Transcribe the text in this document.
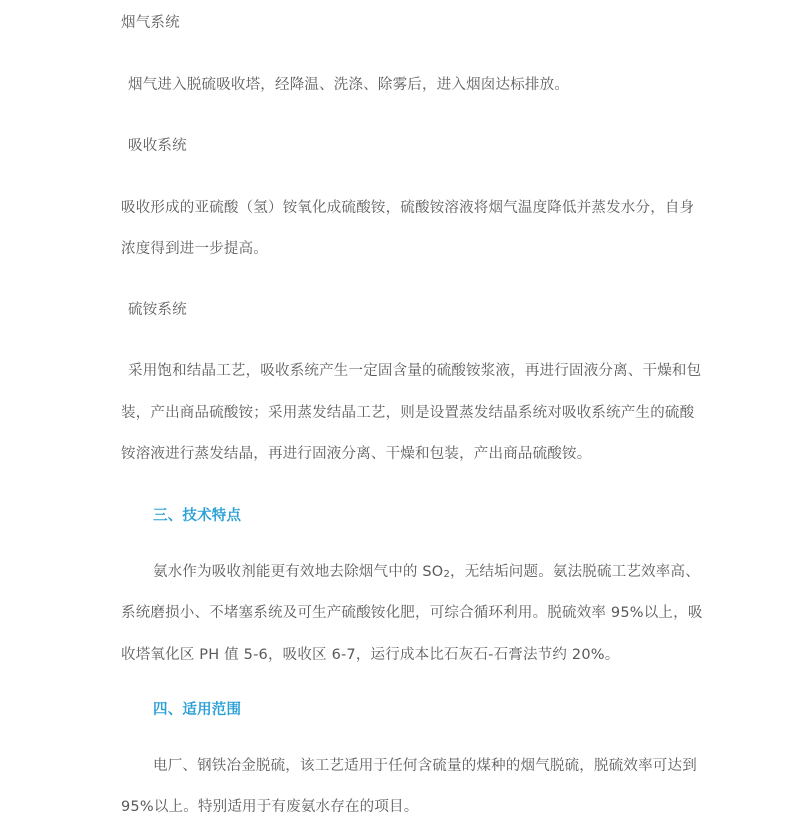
烟气系统
烟气进入脱硫吸收塔，经降温、洗涤、除雾后，进入烟囱达标排放。
吸收系统
吸收形成的亚硫酸（氢）铵氧化成硫酸铵，硫酸铵溶液将烟气温度降低并蒸发水分，自身
浓度得到进一步提高。
硫铵系统
采用饱和结晶工艺，吸收系统产生一定固含量的硫酸铵浆液，再进行固液分离、干燥和包
装，产出商品硫酸铵；采用蒸发结晶工艺，则是设置蒸发结晶系统对吸收系统产生的硫酸
铵溶液进行蒸发结晶，再进行固液分离、干燥和包装，产出商品硫酸铵。
三、技术特点
氨水作为吸收剂能更有效地去除烟气中的 $SO_2$，无结垢问题。氨法脱硫工艺效率高、
系统磨损小、不堵塞系统及可生产硫酸铵化肥，可综合循环利用。脱硫效率 95%以上，吸
收塔氧化区 PH 值 5-6，吸收区 6-7，运行成本比石灰石-石膏法节约 20%。
四、适用范围
电厂、钢铁冶金脱硫，该工艺适用于任何含硫量的煤种的烟气脱硫，脱硫效率可达到
95%以上。特别适用于有废氨水存在的项目。
